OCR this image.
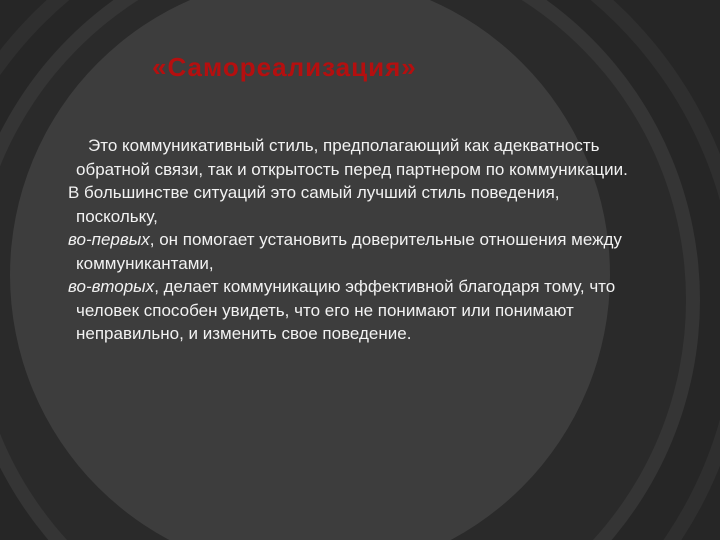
«Самореализация»

Это коммуникативный стиль, предполагающий как адекватность обратной связи, так и открытость перед партнером по коммуникации.

В большинстве ситуаций это самый лучший стиль поведения, поскольку,

во-первых, он помогает установить доверительные отношения между коммуникантами,

во-вторых, делает коммуникацию эффективной благодаря тому, что человек способен увидеть, что его не понимают или понимают неправильно, и изменить свое поведение.
